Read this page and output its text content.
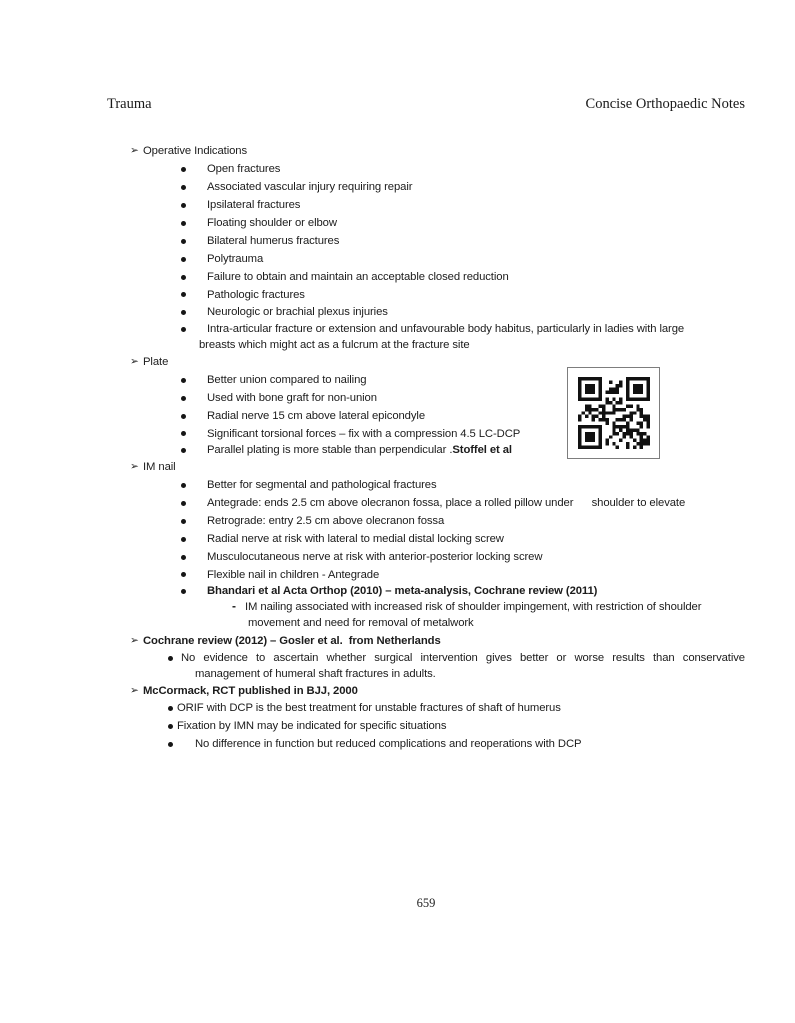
Trauma	Concise Orthopaedic Notes
➢ Operative Indications
Open fractures
Associated vascular injury requiring repair
Ipsilateral fractures
Floating shoulder or elbow
Bilateral humerus fractures
Polytrauma
Failure to obtain and maintain an acceptable closed reduction
Pathologic fractures
Neurologic or brachial plexus injuries
Intra-articular fracture or extension and unfavourable body habitus, particularly in ladies with large
breasts which might act as a fulcrum at the fracture site
➢ Plate
Better union compared to nailing
Used with bone graft for non-union
Radial nerve 15 cm above lateral epicondyle
Significant torsional forces – fix with a compression 4.5 LC-DCP
Parallel plating is more stable than perpendicular .Stoffel et al
➢ IM nail
Better for segmental and pathological fractures
Antegrade: ends 2.5 cm above olecranon fossa, place a rolled pillow under      shoulder to elevate
Retrograde: entry 2.5 cm above olecranon fossa
Radial nerve at risk with lateral to medial distal locking screw
Musculocutaneous nerve at risk with anterior-posterior locking screw
Flexible nail in children - Antegrade
Bhandari et al Acta Orthop (2010) – meta-analysis, Cochrane review (2011)
- IM nailing associated with increased risk of shoulder impingement, with restriction of shoulder
movement and need for removal of metalwork
➢ Cochrane review (2012) – Gosler et al.  from Netherlands
No evidence to ascertain whether surgical intervention gives better or worse results than conservative
management of humeral shaft fractures in adults.
➢ McCormack, RCT published in BJJ, 2000
ORIF with DCP is the best treatment for unstable fractures of shaft of humerus
Fixation by IMN may be indicated for specific situations
No difference in function but reduced complications and reoperations with DCP
659
